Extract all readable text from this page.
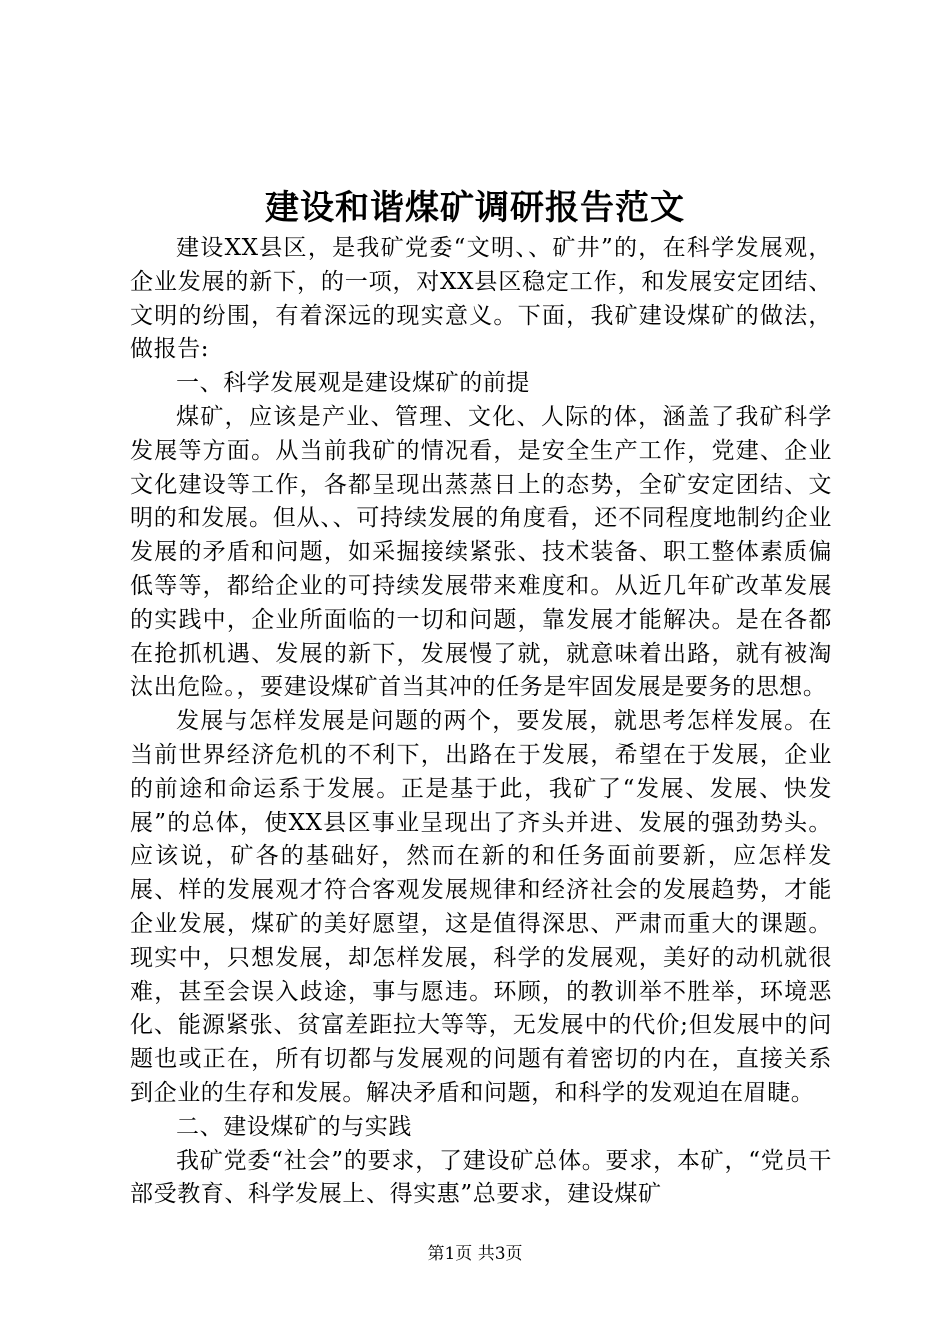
建设和谐煤矿调研报告范文

建设XX县区，是我矿党委“文明、、矿井”的，在科学发展观，企业发展的新下，的一项，对XX县区稳定工作，和发展安定团结、文明的纷围，有着深远的现实意义。下面，我矿建设煤矿的做法，做报告:

一、科学发展观是建设煤矿的前提

煤矿，应该是产业、管理、文化、人际的体，涵盖了我矿科学发展等方面。从当前我矿的情况看，是安全生产工作，党建、企业文化建设等工作，各都呈现出蒸蒸日上的态势，全矿安定团结、文明的和发展。但从、、可持续发展的角度看，还不同程度地制约企业发展的矛盾和问题，如采掘接续紧张、技术装备、职工整体素质偏低等等，都给企业的可持续发展带来难度和。从近几年矿改革发展的实践中，企业所面临的一切和问题，靠发展才能解决。是在各都在抢抓机遇、发展的新下，发展慢了就，就意味着出路，就有被淘汰出危险。，要建设煤矿首当其冲的任务是牢固发展是要务的思想。

发展与怎样发展是问题的两个，要发展，就思考怎样发展。在当前世界经济危机的不利下，出路在于发展，希望在于发展，企业的前途和命运系于发展。正是基于此，我矿了“发展、发展、快发展”的总体，使XX县区事业呈现出了齐头并进、发展的强劲势头。应该说，矿各的基础好，然而在新的和任务面前要新，应怎样发展、样的发展观才符合客观发展规律和经济社会的发展趋势，才能企业发展，煤矿的美好愿望，这是值得深思、严肃而重大的课题。现实中，只想发展，却怎样发展，科学的发展观，美好的动机就很难，甚至会误入歧途，事与愿违。环顾，的教训举不胜举，环境恶化、能源紧张、贫富差距拉大等等，无发展中的代价;但发展中的问题也或正在，所有切都与发展观的问题有着密切的内在，直接关系到企业的生存和发展。解决矛盾和问题，和科学的发观迫在眉睫。

二、建设煤矿的与实践

我矿党委“社会”的要求，了建设矿总体。要求，本矿，“党员干部受教育、科学发展上、得实惠”总要求，建设煤矿

第1页 共3页
